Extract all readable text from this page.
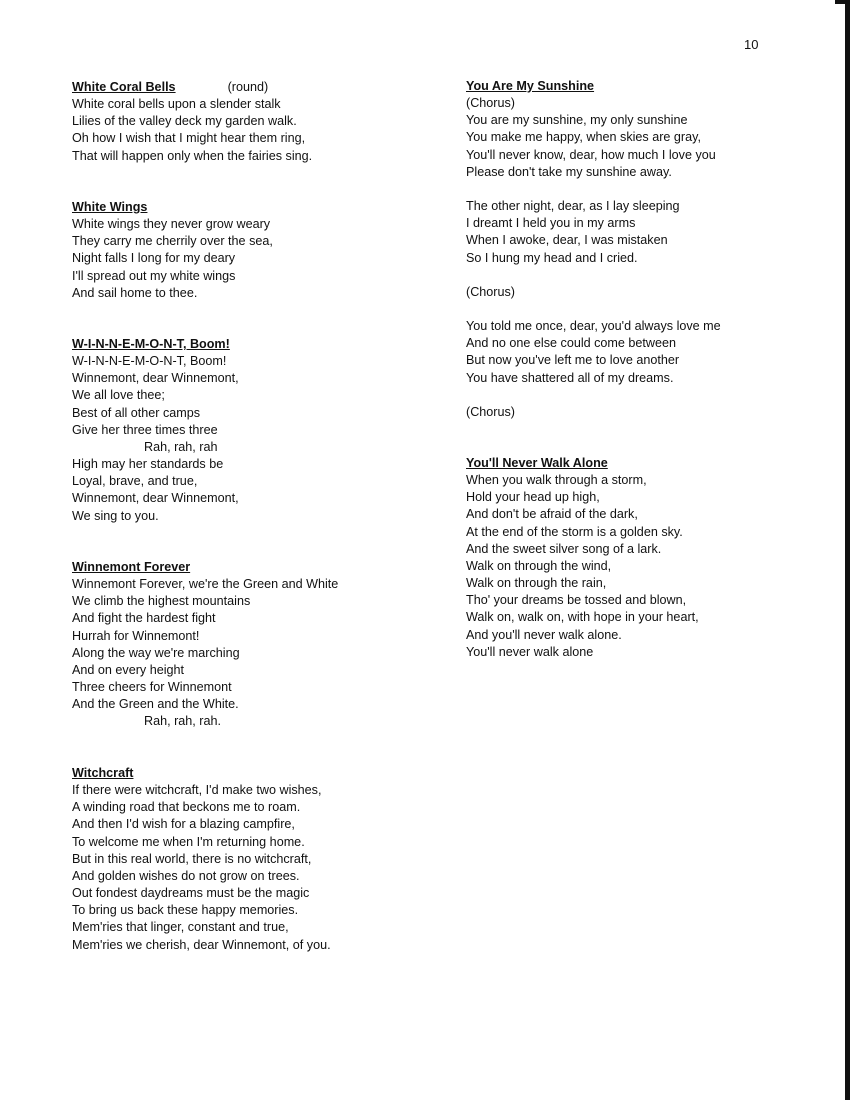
10
White Coral Bells	(round)
White coral bells upon a slender stalk
Lilies of the valley deck my garden walk.
Oh how I wish that I might hear them ring,
That will happen only when the fairies sing.
White Wings
White wings they never grow weary
They carry me cherrily over the sea,
Night falls I long for my deary
I'll spread out my white wings
And sail home to thee.
W-I-N-N-E-M-O-N-T, Boom!
W-I-N-N-E-M-O-N-T, Boom!
Winnemont, dear Winnemont,
We all love thee;
Best of all other camps
Give her three times three
Rah, rah, rah
High may her standards be
Loyal, brave, and true,
Winnemont, dear Winnemont,
We sing to you.
Winnemont Forever
Winnemont Forever, we're the Green and White
We climb the highest mountains
And fight the hardest fight
Hurrah for Winnemont!
Along the way we're marching
And on every height
Three cheers for Winnemont
And the Green and the White.
Rah, rah, rah.
Witchcraft
If there were witchcraft, I'd make two wishes,
A winding road that beckons me to roam.
And then I'd wish for a blazing campfire,
To welcome me when I'm returning home.
But in this real world, there is no witchcraft,
And golden wishes do not grow on trees.
Out fondest daydreams must be the magic
To bring us back these happy memories.
Mem'ries that linger, constant and true,
Mem'ries we cherish, dear Winnemont, of you.
You Are My Sunshine
(Chorus)
You are my sunshine, my only sunshine
You make me happy, when skies are gray,
You'll never know, dear, how much I love you
Please don't take my sunshine away.
The other night, dear, as I lay sleeping
I dreamt I held you in my arms
When I awoke, dear, I was mistaken
So I hung my head and I cried.
(Chorus)
You told me once, dear, you'd always love me
And no one else could come between
But now you've left me to love another
You have shattered all of my dreams.
(Chorus)
You'll Never Walk Alone
When you walk through a storm,
Hold your head up high,
And don't be afraid of the dark,
At the end of the storm is a golden sky.
And the sweet silver song of a lark.
Walk on through the wind,
Walk on through the rain,
Tho' your dreams be tossed and blown,
Walk on, walk on, with hope in your heart,
And you'll never walk alone.
You'll never walk alone
